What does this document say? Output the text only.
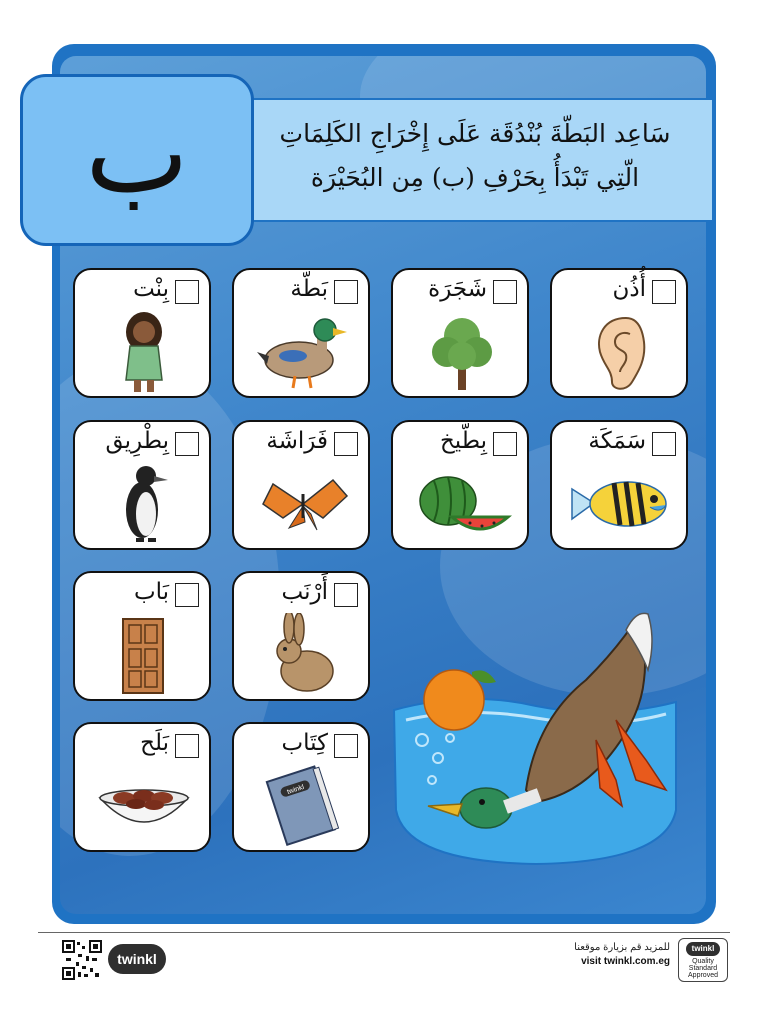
سَاعِد البَطّةَ بُنْدُقَة عَلَى إِخْرَاجِ الكَلِمَاتِ
الّتِي تَبْدَأُ بِحَرْفِ (ب) مِن البُحَيْرَة
ب
أُذُن
شَجَرَة
بَطّة
بِنْت
سَمَكَة
بِطّيخ
فَرَاشَة
بِطْرِيق
أَرْنَب
بَاب
كِتَاب
twinkl
بَلَح
twinkl
للمزيد قم بزيارة موقعنا
visit twinkl.com.eg
twinkl
Quality Standard Approved
